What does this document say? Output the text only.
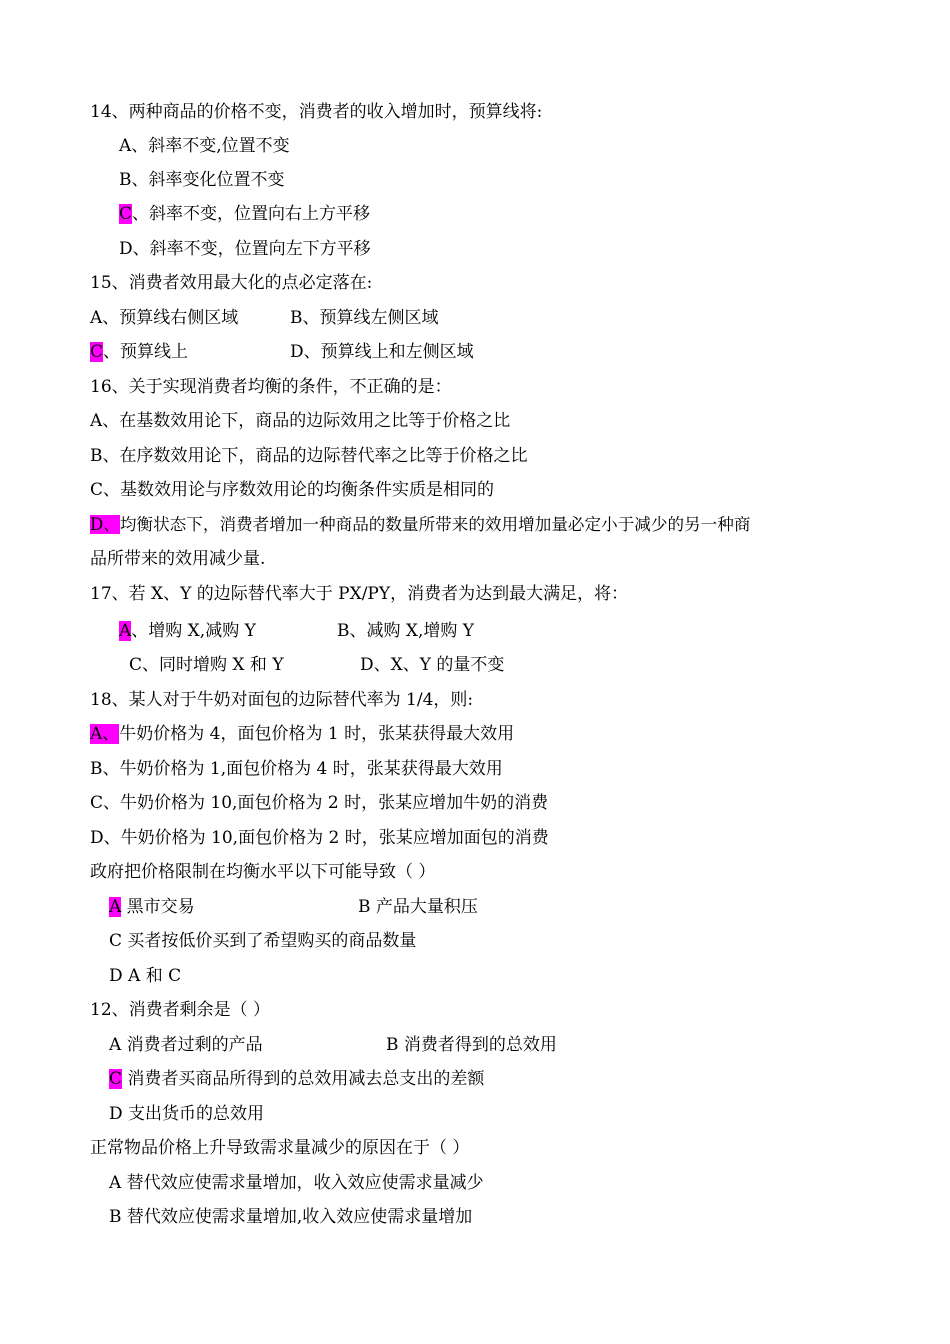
14、两种商品的价格不变，消费者的收入增加时，预算线将:
A、斜率不变,位置不变
B、斜率变化位置不变
C、斜率不变，位置向右上方平移
D、斜率不变，位置向左下方平移
15、消费者效用最大化的点必定落在:
A、预算线右侧区域	B、预算线左侧区域
C、预算线上	D、预算线上和左侧区域
16、关于实现消费者均衡的条件，不正确的是：
A、在基数效用论下，商品的边际效用之比等于价格之比
B、在序数效用论下，商品的边际替代率之比等于价格之比
C、基数效用论与序数效用论的均衡条件实质是相同的
D、均衡状态下，消费者增加一种商品的数量所带来的效用增加量必定小于减少的另一种商
品所带来的效用减少量.
17、若 X、Y 的边际替代率大于 PX/PY，消费者为达到最大满足，将：
A、增购 X,减购 Y	B、减购 X,增购 Y
C、同时增购 X 和 Y	D、X、Y 的量不变
18、某人对于牛奶对面包的边际替代率为 1/4，则:
A、牛奶价格为 4，面包价格为 1 时，张某获得最大效用
B、牛奶价格为 1,面包价格为 4 时，张某获得最大效用
C、牛奶价格为 10,面包价格为 2 时，张某应增加牛奶的消费
D、牛奶价格为 10,面包价格为 2 时，张某应增加面包的消费
政府把价格限制在均衡水平以下可能导致（ ）
A 黑市交易	B 产品大量积压
C 买者按低价买到了希望购买的商品数量
D A 和 C
12、消费者剩余是（ ）
A 消费者过剩的产品	B 消费者得到的总效用
C 消费者买商品所得到的总效用减去总支出的差额
D 支出货币的总效用
正常物品价格上升导致需求量减少的原因在于（ ）
A 替代效应使需求量增加，收入效应使需求量减少
B 替代效应使需求量增加,收入效应使需求量增加
